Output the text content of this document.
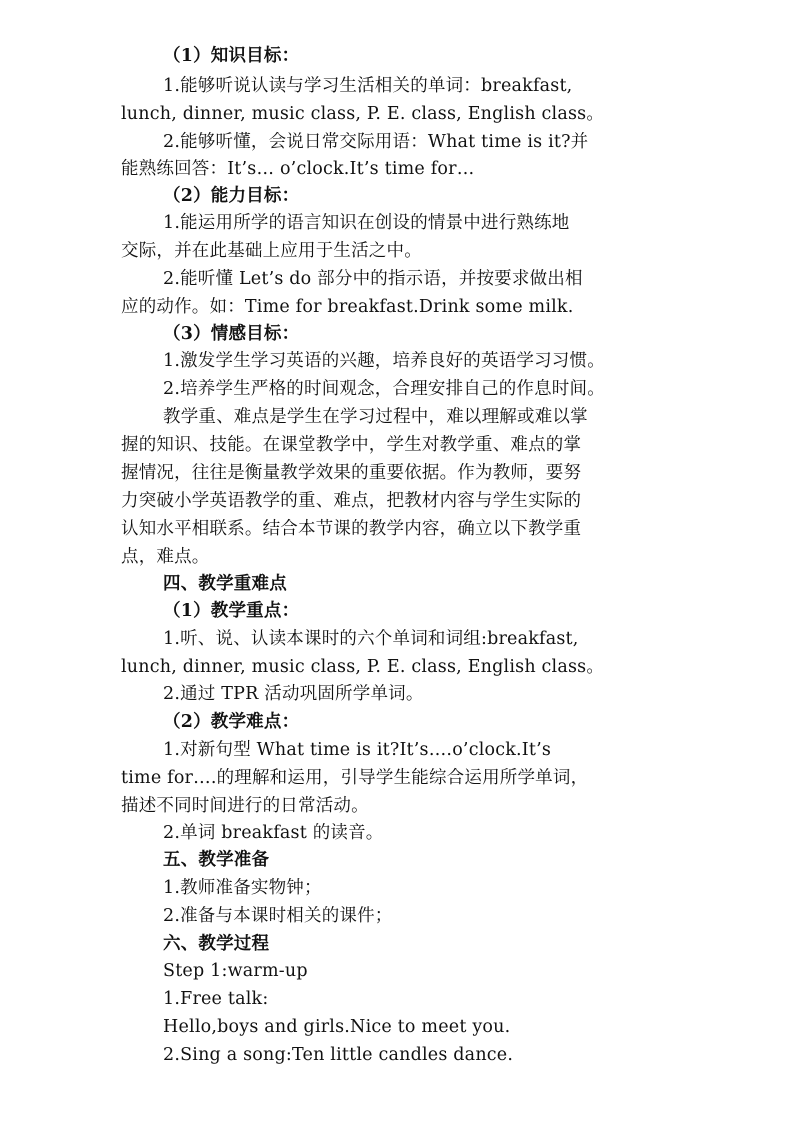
（1）知识目标：
1.能够听说认读与学习生活相关的单词：breakfast,
lunch, dinner, music class, P. E. class, English class。
2.能够听懂，会说日常交际用语：What time is it?并
能熟练回答：It’s… o’clock.It’s time for…
（2）能力目标：
1.能运用所学的语言知识在创设的情景中进行熟练地
交际，并在此基础上应用于生活之中。
2.能听懂 Let’s do 部分中的指示语，并按要求做出相
应的动作。如：Time for breakfast.Drink some milk.
（3）情感目标：
1.激发学生学习英语的兴趣，培养良好的英语学习习惯。
2.培养学生严格的时间观念，合理安排自己的作息时间。
教学重、难点是学生在学习过程中，难以理解或难以掌
握的知识、技能。在课堂教学中，学生对教学重、难点的掌
握情况，往往是衡量教学效果的重要依据。作为教师，要努
力突破小学英语教学的重、难点，把教材内容与学生实际的
认知水平相联系。结合本节课的教学内容，确立以下教学重
点，难点。
四、教学重难点
（1）教学重点：
1.听、说、认读本课时的六个单词和词组:breakfast,
lunch, dinner, music class, P. E. class, English class。
2.通过 TPR 活动巩固所学单词。
（2）教学难点：
1.对新句型 What time is it?It’s….o’clock.It’s
time for….的理解和运用，引导学生能综合运用所学单词，
描述不同时间进行的日常活动。
2.单词 breakfast 的读音。
五、教学准备
1.教师准备实物钟；
2.准备与本课时相关的课件；
六、教学过程
Step 1:warm-up
1.Free talk:
Hello,boys and girls.Nice to meet you.
2.Sing a song:Ten little candles dance.
